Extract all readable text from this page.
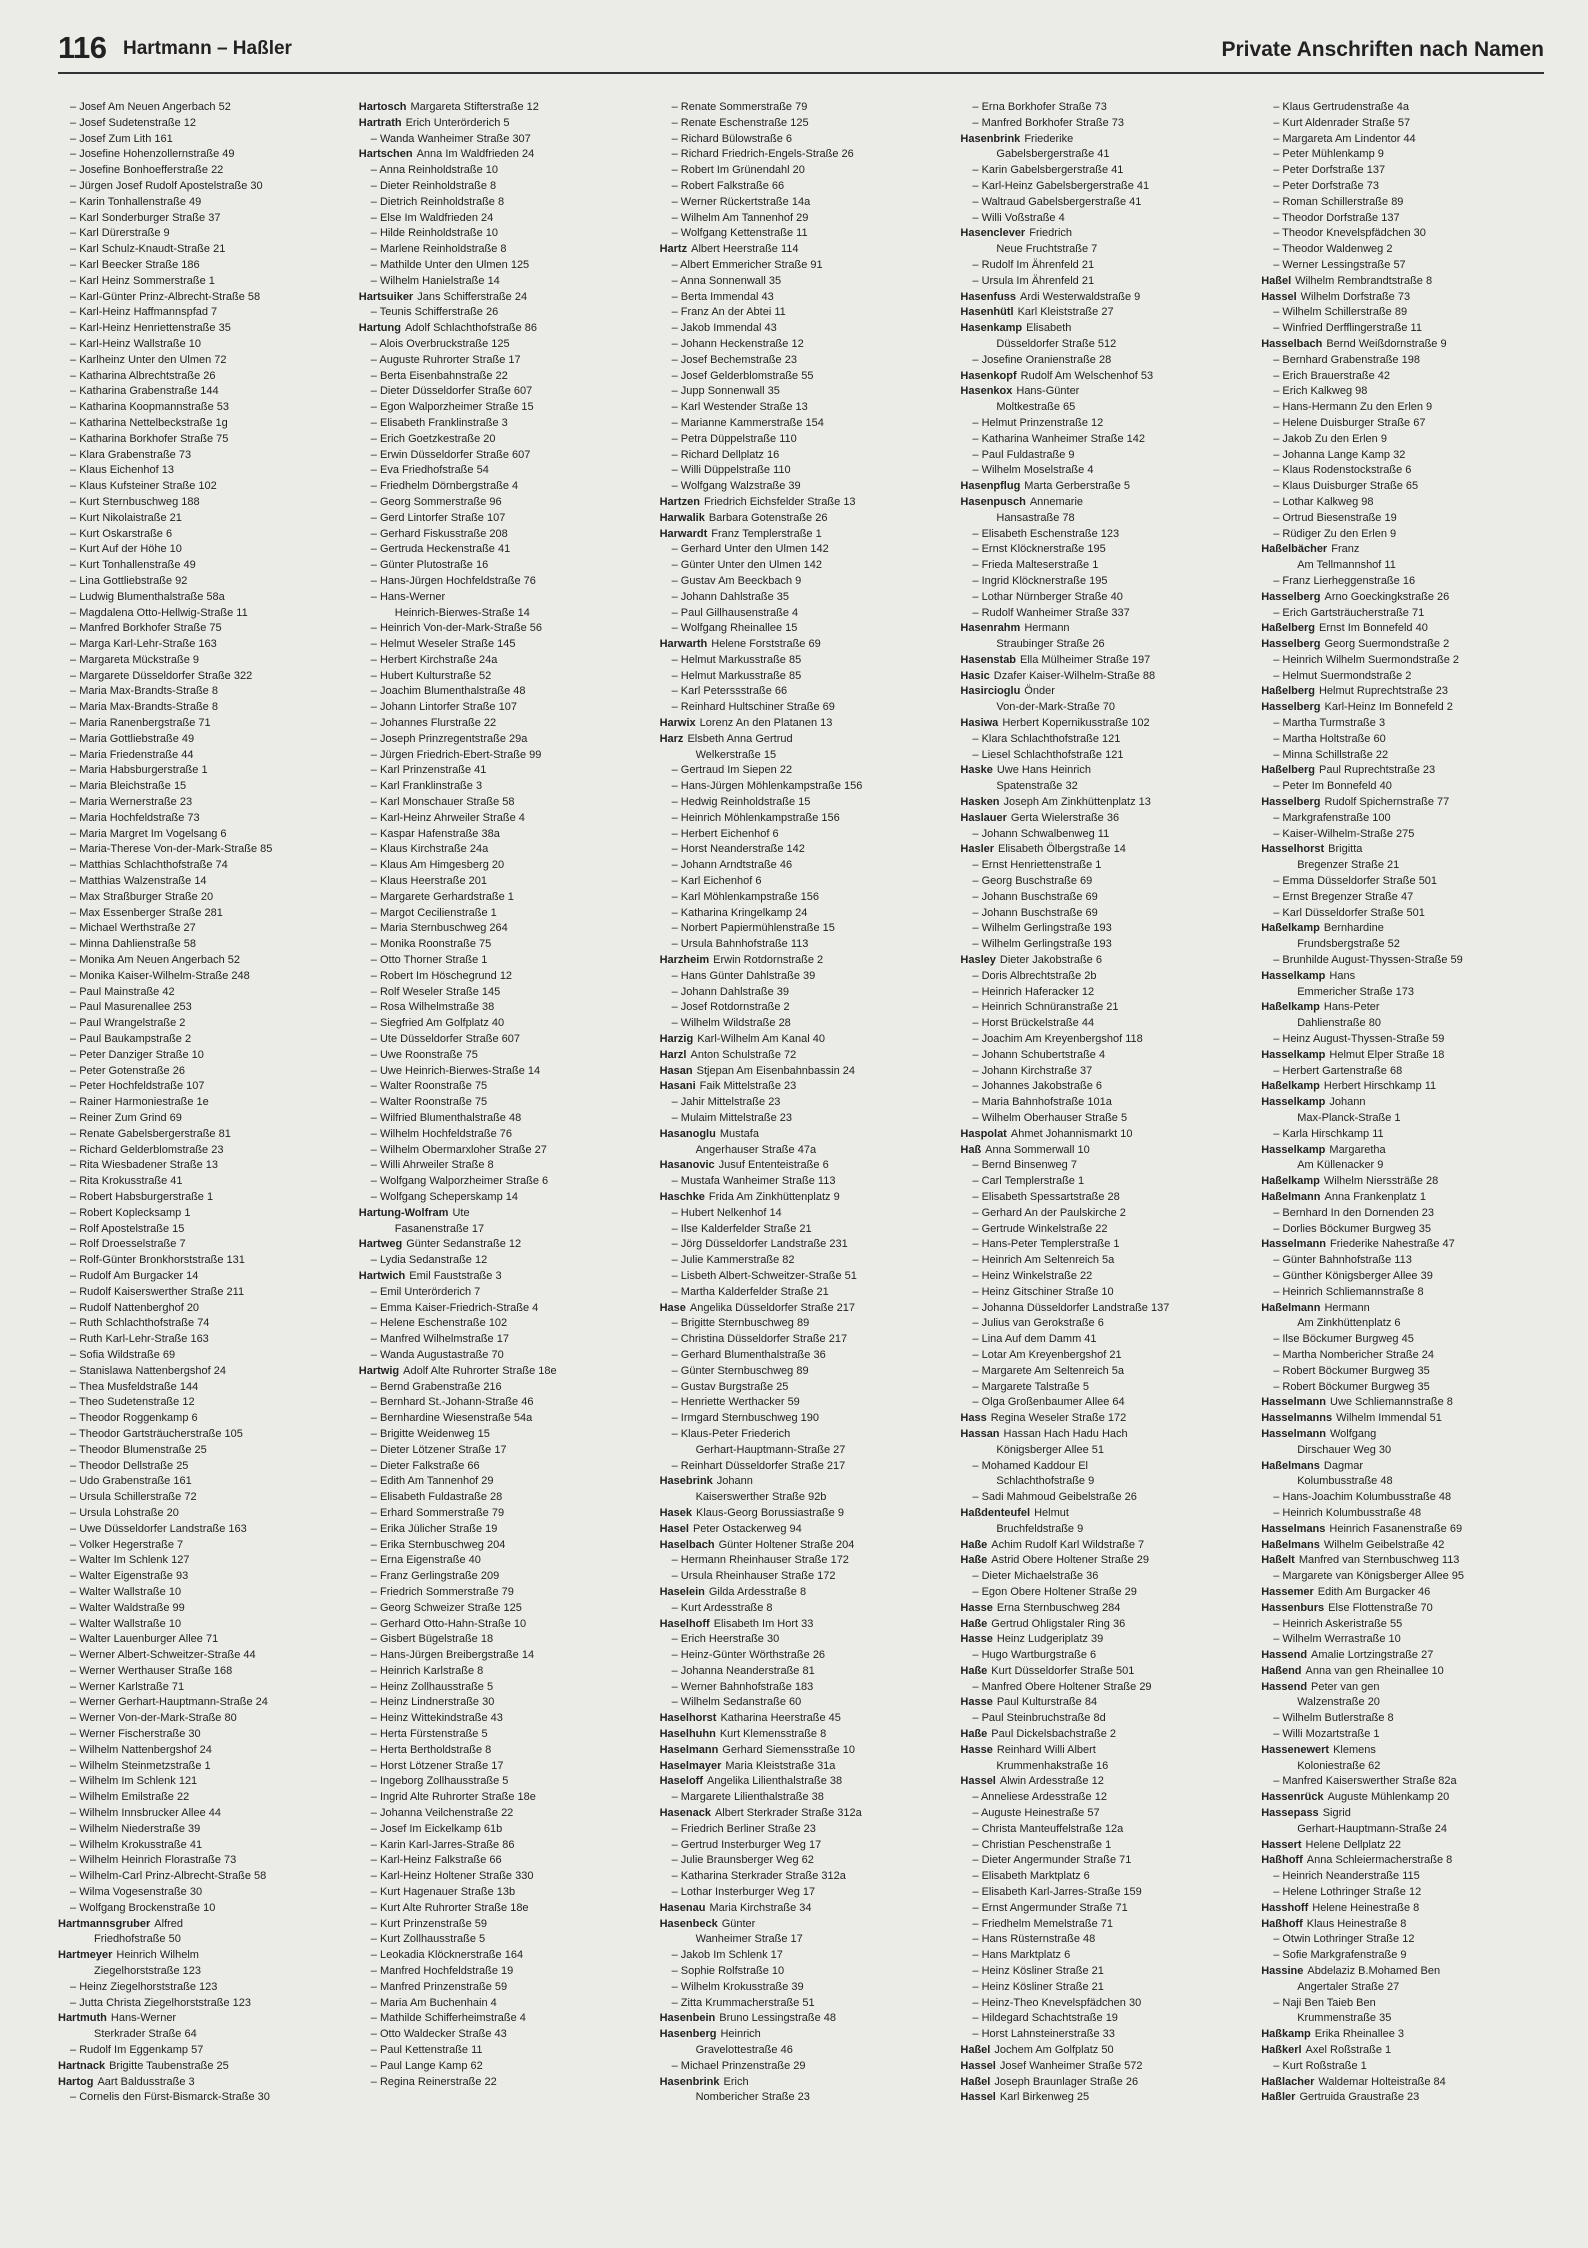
116 Hartmann – Haßler	Private Anschriften nach Namen
– Josef Am Neuen Angerbach 52
– Josef Sudetenstraße 12
– Josef Zum Lith 161
– Josefine Hohenzollernstraße 49
– Josefine Bonhoefferstraße 22
– Jürgen Josef Rudolf Apostelstraße 30
– Karin Tonhallenstraße 49
– Karl Sonderburger Straße 37
– Karl Dürerstraße 9
– Karl Schulz-Knaudt-Straße 21
– Karl Beecker Straße 186
– Karl Heinz Sommerstraße 1
– Karl-Günter Prinz-Albrecht-Straße 58
– Karl-Heinz Haffmannspfad 7
– Karl-Heinz Henriettenstraße 35
– Karl-Heinz Wallstraße 10
– Karlheinz Unter den Ulmen 72
– Katharina Albrechtstraße 26
– Katharina Grabenstraße 144
– Katharina Koopmannstraße 53
– Katharina Nettelbeckstraße 1g
– Katharina Borkhofer Straße 75
– Klara Grabenstraße 73
– Klaus Eichenhof 13
– Klaus Kufsteiner Straße 102
– Kurt Sternbuschweg 188
– Kurt Nikolaistraße 21
– Kurt Oskarstraße 6
– Kurt Auf der Höhe 10
– Kurt Tonhallenstraße 49
– Lina Gottliebstraße 92
– Ludwig Blumenthalstraße 58a
– Magdalena Otto-Hellwig-Straße 11
– Manfred Borkhofer Straße 75
– Marga Karl-Lehr-Straße 163
– Margareta Mückstraße 9
– Margarete Düsseldorfer Straße 322
– Maria Max-Brandts-Straße 8
– Maria Max-Brandts-Straße 8
– Maria Ranenbergstraße 71
– Maria Gottliebstraße 49
– Maria Friedenstraße 44
– Maria Habsburgerstraße 1
– Maria Bleichstraße 15
– Maria Wernerstraße 23
– Maria Hochfeldstraße 73
– Maria Margret Im Vogelsang 6
– Maria-Therese Von-der-Mark-Straße 85
– Matthias Schlachthofstraße 74
– Matthias Walzenstraße 14
– Max Straßburger Straße 20
– Max Essenberger Straße 281
– Michael Werthstraße 27
– Minna Dahlienstraße 58
– Monika Am Neuen Angerbach 52
– Monika Kaiser-Wilhelm-Straße 248
– Paul Mainstraße 42
– Paul Masurenallee 253
– Paul Wrangelstraße 2
– Paul Baukampstraße 2
– Peter Danziger Straße 10
– Peter Gotenstraße 26
– Peter Hochfeldstraße 107
– Rainer Harmoniestraße 1e
– Reiner Zum Grind 69
– Renate Gabelsbergerstraße 81
– Richard Gelderblomstraße 23
– Rita Wiesbadener Straße 13
– Rita Krokusstraße 41
– Robert Habsburgerstraße 1
– Robert Koplecksamp 1
– Rolf Apostelstraße 15
– Rolf Droesselstraße 7
– Rolf-Günter Bronkhorststraße 131
– Rudolf Am Burgacker 14
– Rudolf Kaiserswerther Straße 211
– Rudolf Nattenberghof 20
– Ruth Schlachthofstraße 74
– Ruth Karl-Lehr-Straße 163
– Sofia Wildstraße 69
– Stanislawa Nattenbergshof 24
– Thea Musfeldstraße 144
– Theo Sudetenstraße 12
– Theodor Roggenkamp 6
– Theodor Gartsträucherstraße 105
– Theodor Blumenstraße 25
– Theodor Dellstraße 25
– Udo Grabenstraße 161
– Ursula Schillerstraße 72
– Ursula Lohstraße 20
– Uwe Düsseldorfer Landstraße 163
– Volker Hegerstraße 7
– Walter Im Schlenk 127
– Walter Eigenstraße 93
– Walter Wallstraße 10
– Walter Waldstraße 99
– Walter Wallstraße 10
– Walter Lauenburger Allee 71
– Werner Albert-Schweitzer-Straße 44
– Werner Werthauser Straße 168
– Werner Karlstraße 71
– Werner Gerhart-Hauptmann-Straße 24
– Werner Von-der-Mark-Straße 80
– Werner Fischerstraße 30
– Wilhelm Nattenbergshof 24
– Wilhelm Steinmetzstraße 1
– Wilhelm Im Schlenk 121
– Wilhelm Emilstraße 22
– Wilhelm Innsbrucker Allee 44
– Wilhelm Niederstraße 39
– Wilhelm Krokusstraße 41
– Wilhelm Heinrich Florastraße 73
– Wilhelm-Carl Prinz-Albrecht-Straße 58
– Wilma Vogesenstraße 30
– Wolfgang Brockenstraße 10
Hartmannsgruber Alfred
Friedhofstraße 50
Hartmeyer Heinrich Wilhelm
Ziegelhorststraße 123
– Heinz Ziegelhorststraße 123
– Jutta Christa Ziegelhorststraße 123
Hartmuth Hans-Werner
Sterkrader Straße 64
– Rudolf Im Eggenkamp 57
Hartnack Brigitte Taubenstraße 25
Hartog Aart Baldusstraße 3
– Cornelis den Fürst-Bismarck-Straße 30
Hartosch Margareta Stifterstraße 12
Hartrath Erich Unterörderich 5
– Wanda Wanheimer Straße 307
Hartschen Anna Im Waldfrieden 24
– Anna Reinholdstraße 10
– Dieter Reinholdstraße 8
– Dietrich Reinholdstraße 8
– Else Im Waldfrieden 24
– Hilde Reinholdstraße 10
– Marlene Reinholdstraße 8
– Mathilde Unter den Ulmen 125
– Wilhelm Hanielstraße 14
Hartsuiker Jans Schifferstraße 24
– Teunis Schifferstraße 26
Hartung Adolf Schlachthofstraße 86
– Alois Overbruckstraße 125
– Auguste Ruhrorter Straße 17
– Berta Eisenbahnstraße 22
– Dieter Düsseldorfer Straße 607
– Egon Walporzheimer Straße 15
– Elisabeth Franklinstraße 3
– Erich Goetzkestraße 20
– Erwin Düsseldorfer Straße 607
– Eva Friedhofstraße 54
– Friedhelm Dörnbergstraße 4
– Georg Sommerstraße 96
– Gerd Lintorfer Straße 107
– Gerhard Fiskusstraße 208
– Gertruda Heckenstraße 41
– Günter Plutostraße 16
– Hans-Jürgen Hochfeldstraße 76
– Hans-Werner
Heinrich-Bierwes-Straße 14
– Heinrich Von-der-Mark-Straße 56
– Helmut Weseler Straße 145
– Herbert Kirchstraße 24a
– Hubert Kulturstraße 52
– Joachim Blumenthalstraße 48
– Johann Lintorfer Straße 107
– Johannes Flurstraße 22
– Joseph Prinzregentstraße 29a
– Jürgen Friedrich-Ebert-Straße 99
– Karl Prinzenstraße 41
– Karl Franklinstraße 3
– Karl Monschauer Straße 58
– Karl-Heinz Ahrweiler Straße 4
– Kaspar Hafenstraße 38a
– Klaus Kirchstraße 24a
– Klaus Am Himgesberg 20
– Klaus Heerstraße 201
– Margarete Gerhardstraße 1
– Margot Cecilienstraße 1
– Maria Sternbuschweg 264
– Monika Roonstraße 75
– Otto Thorner Straße 1
– Robert Im Höschegrund 12
– Rolf Weseler Straße 145
– Rosa Wilhelmstraße 38
– Siegfried Am Golfplatz 40
– Ute Düsseldorfer Straße 607
– Uwe Roonstraße 75
– Uwe Heinrich-Bierwes-Straße 14
– Walter Roonstraße 75
– Walter Roonstraße 75
– Wilfried Blumenthalstraße 48
– Wilhelm Hochfeldstraße 76
– Wilhelm Obermarxloher Straße 27
– Willi Ahrweiler Straße 8
– Wolfgang Walporzheimer Straße 6
– Wolfgang Scheperskamp 14
Hartung-Wolfram Ute
Fasanenstraße 17
Hartweg Günter Sedanstraße 12
– Lydia Sedanstraße 12
Hartwich Emil Fauststraße 3
– Emil Unterörderich 7
– Emma Kaiser-Friedrich-Straße 4
– Helene Eschenstraße 102
– Manfred Wilhelmstraße 17
– Wanda Augustastraße 70
Hartwig Adolf Alte Ruhrorter Straße 18e
– Bernd Grabenstraße 216
– Bernhard St.-Johann-Straße 46
– Bernhardine Wiesenstraße 54a
– Brigitte Weidenweg 15
– Dieter Lötzener Straße 17
– Dieter Falkstraße 66
– Edith Am Tannenhof 29
– Elisabeth Fuldastraße 28
– Erhard Sommerstraße 79
– Erika Jülicher Straße 19
– Erika Sternbuschweg 204
– Erna Eigenstraße 40
– Franz Gerlingstraße 209
– Friedrich Sommerstraße 79
– Georg Schweizer Straße 125
– Gerhard Otto-Hahn-Straße 10
– Gisbert Bügelstraße 18
– Hans-Jürgen Breibergstraße 14
– Heinrich Karlstraße 8
– Heinz Zollhausstraße 5
– Heinz Lindnerstraße 30
– Heinz Wittekindstraße 43
– Herta Fürstenstraße 5
– Herta Bertholdstraße 8
– Horst Lötzener Straße 17
– Ingeborg Zollhausstraße 5
– Ingrid Alte Ruhrorter Straße 18e
– Johanna Veilchenstraße 22
– Josef Im Eickelkamp 61b
– Karin Karl-Jarres-Straße 86
– Karl-Heinz Falkstraße 66
– Karl-Heinz Holtener Straße 330
– Kurt Hagenauer Straße 13b
– Kurt Alte Ruhrorter Straße 18e
– Kurt Prinzenstraße 59
– Kurt Zollhausstraße 5
– Leokadia Klöcknerstraße 164
– Manfred Hochfeldstraße 19
– Manfred Prinzenstraße 59
– Maria Am Buchenhain 4
– Mathilde Schifferheimstraße 4
– Otto Waldecker Straße 43
– Paul Kettenstraße 11
– Paul Lange Kamp 62
– Regina Reinerstraße 22
– Renate Sommerstraße 79
– Renate Eschenstraße 125
– Richard Bülowstraße 6
– Richard Friedrich-Engels-Straße 26
– Robert Im Grünendahl 20
– Robert Falkstraße 66
– Werner Rückertstraße 14a
– Wilhelm Am Tannenhof 29
– Wolfgang Kettenstraße 11
Hartz Albert Heerstraße 114
– Albert Emmericher Straße 91
– Anna Sonnenwall 35
– Berta Immendal 43
– Franz An der Abtei 11
– Jakob Immendal 43
– Johann Heckenstraße 12
– Josef Bechemstraße 23
– Josef Gelderblomstraße 55
– Jupp Sonnenwall 35
– Karl Westender Straße 13
– Marianne Kammerstraße 154
– Petra Düppelstraße 110
– Richard Dellplatz 16
– Willi Düppelstraße 110
– Wolfgang Walzstraße 39
Hartzen Friedrich Eichsfelder Straße 13
Harwalik Barbara Gotenstraße 26
Harwardt Franz Templerstraße 1
– Gerhard Unter den Ulmen 142
– Günter Unter den Ulmen 142
– Gustav Am Beeckbach 9
– Johann Dahlstraße 35
– Paul Gillhausenstraße 4
– Wolfgang Rheinallee 15
Harwarth Helene Forststraße 69
– Helmut Markusstraße 85
– Helmut Markusstraße 85
– Karl Peterssstraße 66
– Reinhard Hultschiner Straße 69
Harwix Lorenz An den Platanen 13
Harz Elsbeth Anna Gertrud
Welkerstraße 15
– Gertraud Im Siepen 22
– Hans-Jürgen Möhlenkampstraße 156
– Hedwig Reinholdstraße 15
– Heinrich Möhlenkampstraße 156
– Herbert Eichenhof 6
– Horst Neanderstraße 142
– Johann Arndtstraße 46
– Karl Eichenhof 6
– Karl Möhlenkampstraße 156
– Katharina Kringelkamp 24
– Norbert Papiermühlenstraße 15
– Ursula Bahnhofstraße 113
Harzheim Erwin Rotdornstraße 2
– Hans Günter Dahlstraße 39
– Johann Dahlstraße 39
– Josef Rotdornstraße 2
– Wilhelm Wildstraße 28
Harzig Karl-Wilhelm Am Kanal 40
Harzl Anton Schulstraße 72
Hasan Stjepan Am Eisenbahnbassin 24
Hasani Faik Mittelstraße 23
– Jahir Mittelstraße 23
– Mulaim Mittelstraße 23
Hasanoglu Mustafa
Angerhauser Straße 47a
Hasanovic Jusuf Ententeistraße 6
– Mustafa Wanheimer Straße 113
Haschke Frida Am Zinkhüttenplatz 9
– Hubert Nelkenhof 14
– Ilse Kalderfelder Straße 21
– Jörg Düsseldorfer Landstraße 231
– Julie Kammerstraße 82
– Lisbeth Albert-Schweitzer-Straße 51
– Martha Kalderfelder Straße 21
Hase Angelika Düsseldorfer Straße 217
– Brigitte Sternbuschweg 89
– Christina Düsseldorfer Straße 217
– Gerhard Blumenthalstraße 36
– Günter Sternbuschweg 89
– Gustav Burgstraße 25
– Henriette Werthacker 59
– Irmgard Sternbuschweg 190
– Klaus-Peter Friederich
Gerhart-Hauptmann-Straße 27
– Reinhart Düsseldorfer Straße 217
Hasebrink Johann
Kaiserswerther Straße 92b
Hasek Klaus-Georg Borussiastraße 9
Hasel Peter Ostackerweg 94
Haselbach Günter Holtener Straße 204
– Hermann Rheinhauser Straße 172
– Ursula Rheinhauser Straße 172
Haselein Gilda Ardesstraße 8
– Kurt Ardesstraße 8
Haselhoff Elisabeth Im Hort 33
– Erich Heerstraße 30
– Heinz-Günter Wörthstraße 26
– Johanna Neanderstraße 81
– Werner Bahnhofstraße 183
– Wilhelm Sedanstraße 60
Haselhorst Katharina Heerstraße 45
Haselhuhn Kurt Klemensstraße 8
Haselmann Gerhard Siemensstraße 10
Haselmayer Maria Kleiststraße 31a
Haseloff Angelika Lilienthalstraße 38
– Margarete Lilienthalstraße 38
Hasenack Albert Sterkrader Straße 312a
– Friedrich Berliner Straße 23
– Gertrud Insterburger Weg 17
– Julie Braunsberger Weg 62
– Katharina Sterkrader Straße 312a
– Lothar Insterburger Weg 17
Hasenau Maria Kirchstraße 34
Hasenbeck Günter
Wanheimer Straße 17
– Jakob Im Schlenk 17
– Sophie Rolfstraße 10
– Wilhelm Krokusstraße 39
– Zitta Krummacherstraße 51
Hasenbein Bruno Lessingstraße 48
Hasenberg Heinrich
Gravelottestraße 46
– Michael Prinzenstraße 29
Hasenbrink Erich
Nombericher Straße 23
– Erna Borkhofer Straße 73
– Manfred Borkhofer Straße 73
Hasenbrink Friederike
Gabelsbergerstraße 41
– Karin Gabelsbergerstraße 41
– Karl-Heinz Gabelsbergerstraße 41
– Waltraud Gabelsbergerstraße 41
– Willi Voßstraße 4
Hasenclever Friedrich
Neue Fruchtstraße 7
– Rudolf Im Ährenfeld 21
– Ursula Im Ährenfeld 21
Hasenfuss Ardi Westerwaldstraße 9
Hasenhütl Karl Kleiststraße 27
Hasenkamp Elisabeth
Düsseldorfer Straße 512
– Josefine Oranienstraße 28
Hasenkopf Rudolf Am Welschenhof 53
Hasenkox Hans-Günter
Moltkestraße 65
– Helmut Prinzenstraße 12
– Katharina Wanheimer Straße 142
– Paul Fuldastraße 9
– Wilhelm Moselstraße 4
Hasenpflug Marta Gerberstraße 5
Hasenpusch Annemarie
Hansastraße 78
– Elisabeth Eschenstraße 123
– Ernst Klöcknerstraße 195
– Frieda Malteserstraße 1
– Ingrid Klöcknerstraße 195
– Lothar Nürnberger Straße 40
– Rudolf Wanheimer Straße 337
Hasenrahm Hermann
Straubinger Straße 26
Hasenstab Ella Mülheimer Straße 197
Hasic Dzafer Kaiser-Wilhelm-Straße 88
Hasircioglu Önder
Von-der-Mark-Straße 70
Hasiwa Herbert Kopernikusstraße 102
– Klara Schlachthofstraße 121
– Liesel Schlachthofstraße 121
Haske Uwe Hans Heinrich
Spatenstraße 32
Hasken Joseph Am Zinkhüttenplatz 13
Haslauer Gerta Wielerstraße 36
– Johann Schwalbenweg 11
Hasler Elisabeth Ölbergstraße 14
– Ernst Henriettenstraße 1
– Georg Buschstraße 69
– Johann Buschstraße 69
– Johann Buschstraße 69
– Wilhelm Gerlingstraße 193
– Wilhelm Gerlingstraße 193
Hasley Dieter Jakobstraße 6
– Doris Albrechtstraße 2b
– Heinrich Haferacker 12
– Heinrich Schnüranstraße 21
– Horst Brückelstraße 44
– Joachim Am Kreyenbergshof 118
– Johann Schubertstraße 4
– Johann Kirchstraße 37
– Johannes Jakobstraße 6
– Maria Bahnhofstraße 101a
– Wilhelm Oberhauser Straße 5
Haspolat Ahmet Johannismarkt 10
Haß Anna Sommerwall 10
– Bernd Binsenweg 7
– Carl Templerstraße 1
– Elisabeth Spessartstraße 28
– Gerhard An der Paulskirche 2
– Gertrude Winkelstraße 22
– Hans-Peter Templerstraße 1
– Heinrich Am Seltenreich 5a
– Heinz Winkelstraße 22
– Heinz Gitschiner Straße 10
– Johanna Düsseldorfer Landstraße 137
– Julius van Gerokstraße 6
– Lina Auf dem Damm 41
– Lotar Am Kreyenbergshof 21
– Margarete Am Seltenreich 5a
– Margarete Talstraße 5
– Olga Großenbaumer Allee 64
Hass Regina Weseler Straße 172
Hassan Hassan Hach Hadu Hach
Königsberger Allee 51
– Mohamed Kaddour El
Schlachthofstraße 9
– Sadi Mahmoud Geibelstraße 26
Haßdenteufel Helmut
Bruchfeldstraße 9
Haße Achim Rudolf Karl Wildstraße 7
Haße Astrid Obere Holtener Straße 29
– Dieter Michaelstraße 36
– Egon Obere Holtener Straße 29
Hasse Erna Sternbuschweg 284
Haße Gertrud Ohligstaler Ring 36
Hasse Heinz Ludgeriplatz 39
– Hugo Wartburgstraße 6
Haße Kurt Düsseldorfer Straße 501
– Manfred Obere Holtener Straße 29
Hasse Paul Kulturstraße 84
– Paul Steinbruchstraße 8d
Haße Paul Dickelsbachstraße 2
Hasse Reinhard Willi Albert
Krummenhakstraße 16
Hassel Alwin Ardesstraße 12
– Anneliese Ardesstraße 12
– Auguste Heinestraße 57
– Christa Manteuffelstraße 12a
– Christian Peschenstraße 1
– Dieter Angermunder Straße 71
– Elisabeth Marktplatz 6
– Elisabeth Karl-Jarres-Straße 159
– Ernst Angermunder Straße 71
– Friedhelm Memelstraße 71
– Hans Rüsternstraße 48
– Hans Marktplatz 6
– Heinz Kösliner Straße 21
– Heinz Kösliner Straße 21
– Heinz-Theo Knevelspfädchen 30
– Hildegard Schachtstraße 19
– Horst Lahnsteinerstraße 33
Haßel Jochem Am Golfplatz 50
Hassel Josef Wanheimer Straße 572
Haßel Joseph Braunlager Straße 26
Hassel Karl Birkenweg 25
– Klaus Gertrudenstraße 4a
– Kurt Aldenrader Straße 57
– Margareta Am Lindentor 44
– Peter Mühlenkamp 9
– Peter Dorfstraße 137
– Peter Dorfstraße 73
– Roman Schillerstraße 89
– Theodor Dorfstraße 137
– Theodor Knevelspfädchen 30
– Theodor Waldenweg 2
– Werner Lessingstraße 57
Haßel Wilhelm Rembrandtstraße 8
Hassel Wilhelm Dorfstraße 73
– Wilhelm Schillerstraße 89
– Winfried Derfflingerstraße 11
Hasselbach Bernd Weißdornstraße 9
– Bernhard Grabenstraße 198
– Erich Brauerstraße 42
– Erich Kalkweg 98
– Hans-Hermann Zu den Erlen 9
– Helene Duisburger Straße 67
– Jakob Zu den Erlen 9
– Johanna Lange Kamp 32
– Klaus Rodenstockstraße 6
– Klaus Duisburger Straße 65
– Lothar Kalkweg 98
– Ortrud Biesenstraße 19
– Rüdiger Zu den Erlen 9
Haßelbächer Franz
Am Tellmannshof 11
– Franz Lierheggenstraße 16
Hasselberg Arno Goeckingkstraße 26
– Erich Gartsträucherstraße 71
Haßelberg Ernst Im Bonnefeld 40
Hasselberg Georg Suermondstraße 2
– Heinrich Wilhelm Suermondstraße 2
– Helmut Suermondstraße 2
Haßelberg Helmut Ruprechtstraße 23
Hasselberg Karl-Heinz Im Bonnefeld 2
– Martha Turmstraße 3
– Martha Holtstraße 60
– Minna Schillstraße 22
Haßelberg Paul Ruprechtstraße 23
– Peter Im Bonnefeld 40
Hasselberg Rudolf Spichernstraße 77
– Markgrafenstraße 100
– Kaiser-Wilhelm-Straße 275
Hasselhorst Brigitta
Bregenzer Straße 21
– Emma Düsseldorfer Straße 501
– Ernst Bregenzer Straße 47
– Karl Düsseldorfer Straße 501
Haßelkamp Bernhardine
Frundsbergstraße 52
– Brunhilde August-Thyssen-Straße 59
Hasselkamp Hans
Emmericher Straße 173
Haßelkamp Hans-Peter
Dahlienstraße 80
– Heinz August-Thyssen-Straße 59
Hasselkamp Helmut Elper Straße 18
– Herbert Gartenstraße 68
Haßelkamp Herbert Hirschkamp 11
Hasselkamp Johann
Max-Planck-Straße 1
– Karla Hirschkamp 11
Hasselkamp Margaretha
Am Küllenacker 9
Haßelkamp Wilhelm Nierssträße 28
Haßelmann Anna Frankenplatz 1
– Bernhard In den Dornenden 23
– Dorlies Böckumer Burgweg 35
Hasselmann Friederike Nahestraße 47
– Günter Bahnhofstraße 113
– Günther Königsberger Allee 39
– Heinrich Schliemannstraße 8
Haßelmann Hermann
Am Zinkhüttenplatz 6
– Ilse Böckumer Burgweg 45
– Martha Nombericher Straße 24
– Robert Böckumer Burgweg 35
– Robert Böckumer Burgweg 35
Hasselmann Uwe Schliemannstraße 8
Hasselmanns Wilhelm Immendal 51
Hasselmann Wolfgang
Dirschauer Weg 30
Haßelmans Dagmar
Kolumbusstraße 48
– Hans-Joachim Kolumbusstraße 48
– Heinrich Kolumbusstraße 48
Hasselmans Heinrich Fasanenstraße 69
Haßelmans Wilhelm Geibelstraße 42
Haßelt Manfred van Sternbuschweg 113
– Margarete van Königsberger Allee 95
Hassemer Edith Am Burgacker 46
Hassenburs Else Flottenstraße 70
– Heinrich Askeristraße 55
– Wilhelm Werrastraße 10
Hassend Amalie Lortzingstraße 27
Haßend Anna van gen Rheinallee 10
Hassend Peter van gen
Walzenstraße 20
– Wilhelm Butlerstraße 8
– Willi Mozartstraße 1
Hassenewert Klemens
Koloniestraße 62
– Manfred Kaiserswerther Straße 82a
Hassenrück Auguste Mühlenkamp 20
Hassepass Sigrid
Gerhart-Hauptmann-Straße 24
Hassert Helene Dellplatz 22
Haßhoff Anna Schleiermacherstraße 8
– Heinrich Neanderstraße 115
– Helene Lothringer Straße 12
Hasshoff Helene Heinestraße 8
Haßhoff Klaus Heinestraße 8
– Otwin Lothringer Straße 12
– Sofie Markgrafenstraße 9
Hassine Abdelaziz B.Mohamed Ben
Angertaler Straße 27
– Naji Ben Taieb Ben
Krummenstraße 35
Haßkamp Erika Rheinallee 3
Haßkerl Axel Roßstraße 1
– Kurt Roßstraße 1
Haßlacher Waldemar Holteistraße 84
Haßler Gertruida Graustraße 23
